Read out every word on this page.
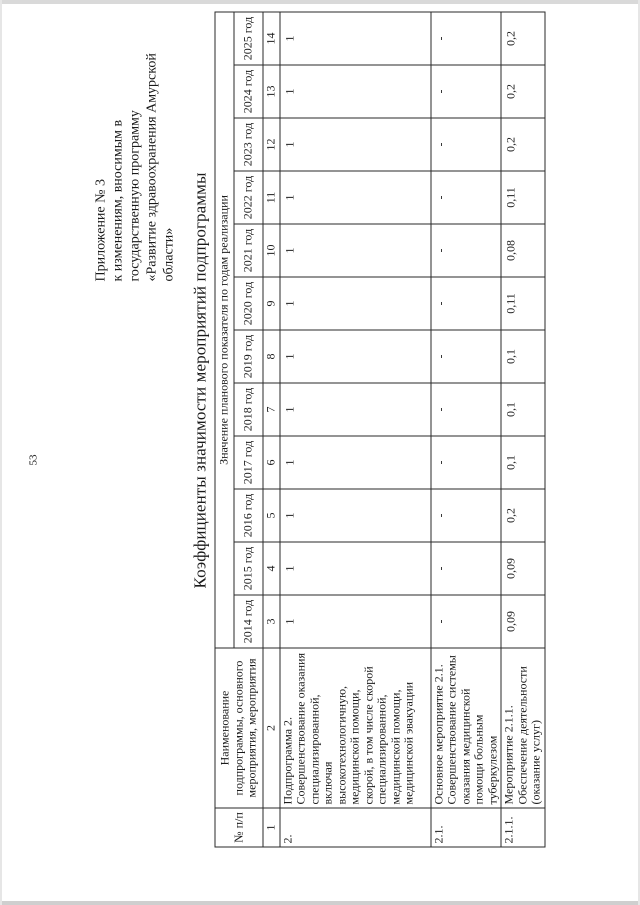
53
Приложение № 3 к изменениям, вносимым в государственную программу «Развитие здравоохранения Амурской области» Коэффициенты значимости мероприятий подпрограммы
№ п/п	Наименование подпрограммы, основного мероприятия, мероприятия	Значение планового показателя по годам реализации											
		2014 год	2015 год	2016 год	2017 год	2018 год	2019 год	2020 год	2021 год	2022 год	2023 год	2024 год	2025 год
1	2	3	4	5	6	7	8	9	10	11	12	13	14
2.	Подпрограмма 2. Совершенствование оказания специализированной, включая высокотехнологичную, медицинской помощи, скорой, в том числе скорой специализированной, медицинской помощи, медицинской эвакуации	1	1	1	1	1	1	1	1	1	1	1	1
2.1.	Основное мероприятие 2.1. Совершенствование системы оказания медицинской помощи больным туберкулезом	-	-	-	-	-	-	-	-	-	-	-	-
2.1.1.	Мероприятие 2.1.1. Обеспечение деятельности (оказание услуг)	0,09	0,09	0,2	0,1	0,1	0,1	0,11	0,08	0,11	0,2	0,2	0,2
